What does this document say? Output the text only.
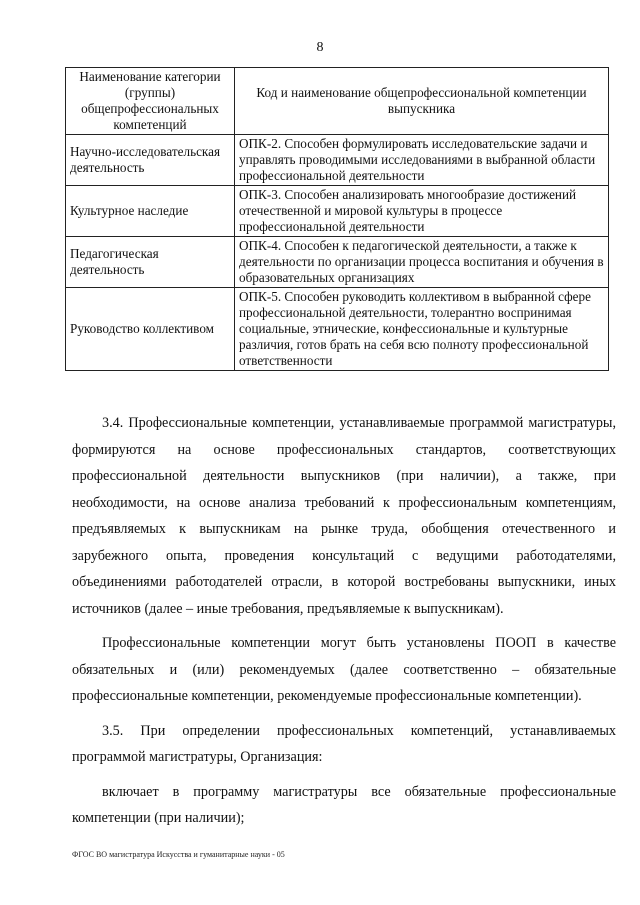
8
Наименование категории (группы) общепрофессиональных компетенций	Код и наименование общепрофессиональной компетенции выпускника
Научно-исследовательская деятельность	ОПК-2. Способен формулировать исследовательские задачи и управлять проводимыми исследованиями в выбранной области профессиональной деятельности
Культурное наследие	ОПК-3. Способен анализировать многообразие достижений отечественной и мировой культуры в процессе профессиональной деятельности
Педагогическая деятельность	ОПК-4. Способен к педагогической деятельности, а также к деятельности по организации процесса воспитания и обучения в образовательных организациях
Руководство коллективом	ОПК-5. Способен руководить коллективом в выбранной сфере профессиональной деятельности, толерантно воспринимая социальные, этнические, конфессиональные и культурные различия, готов брать на себя всю полноту профессиональной ответственности

3.4. Профессиональные компетенции, устанавливаемые программой магистратуры, формируются на основе профессиональных стандартов, соответствующих профессиональной деятельности выпускников (при наличии), а также, при необходимости, на основе анализа требований к профессиональным компетенциям, предъявляемых к выпускникам на рынке труда, обобщения отечественного и зарубежного опыта, проведения консультаций с ведущими работодателями, объединениями работодателей отрасли, в которой востребованы выпускники, иных источников (далее – иные требования, предъявляемые к выпускникам).

Профессиональные компетенции могут быть установлены ПООП в качестве обязательных и (или) рекомендуемых (далее соответственно – обязательные профессиональные компетенции, рекомендуемые профессиональные компетенции).

3.5. При определении профессиональных компетенций, устанавливаемых программой магистратуры, Организация:

включает в программу магистратуры все обязательные профессиональные компетенции (при наличии);

ФГОС ВО магистратура Искусства и гуманитарные науки - 05
